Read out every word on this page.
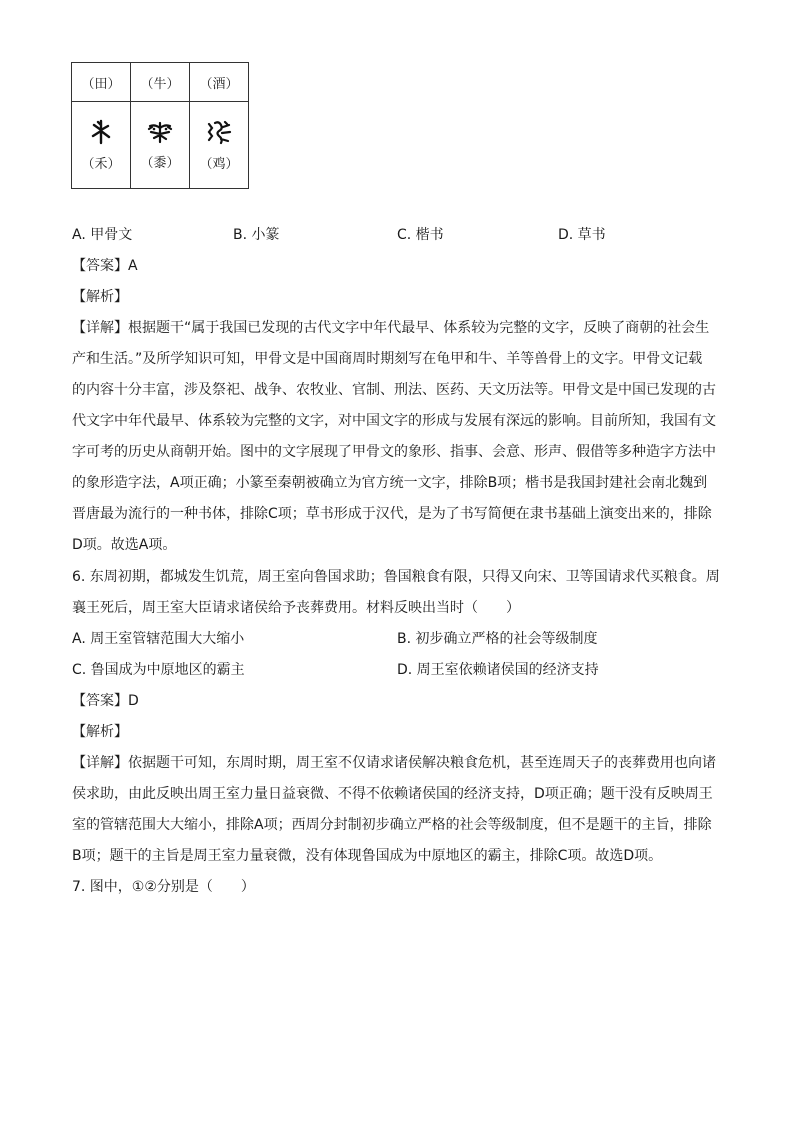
（田）	（牛）	（酒）

（禾）	（黍）	（鸡）
A. 甲骨文	B. 小篆	C. 楷书	D. 草书
【答案】A
【解析】
【详解】根据题干“属于我国已发现的古代文字中年代最早、体系较为完整的文字，反映了商朝的社会生
产和生活。”及所学知识可知，甲骨文是中国商周时期刻写在龟甲和牛、羊等兽骨上的文字。甲骨文记载
的内容十分丰富，涉及祭祀、战争、农牧业、官制、刑法、医药、天文历法等。甲骨文是中国已发现的古
代文字中年代最早、体系较为完整的文字，对中国文字的形成与发展有深远的影响。目前所知，我国有文
字可考的历史从商朝开始。图中的文字展现了甲骨文的象形、指事、会意、形声、假借等多种造字方法中
的象形造字法，A项正确；小篆至秦朝被确立为官方统一文字，排除B项；楷书是我国封建社会南北魏到
晋唐最为流行的一种书体，排除C项；草书形成于汉代，是为了书写简便在隶书基础上演变出来的，排除
D项。故选A项。
6. 东周初期，都城发生饥荒，周王室向鲁国求助；鲁国粮食有限，只得又向宋、卫等国请求代买粮食。周
襄王死后，周王室大臣请求诸侯给予丧葬费用。材料反映出当时（　　）
A. 周王室管辖范围大大缩小	B. 初步确立严格的社会等级制度
C. 鲁国成为中原地区的霸主	D. 周王室依赖诸侯国的经济支持
【答案】D
【解析】
【详解】依据题干可知，东周时期，周王室不仅请求诸侯解决粮食危机，甚至连周天子的丧葬费用也向诸
侯求助，由此反映出周王室力量日益衰微、不得不依赖诸侯国的经济支持，D项正确；题干没有反映周王
室的管辖范围大大缩小，排除A项；西周分封制初步确立严格的社会等级制度，但不是题干的主旨，排除
B项；题干的主旨是周王室力量衰微，没有体现鲁国成为中原地区的霸主，排除C项。故选D项。
7. 图中，①②分别是（　　）
